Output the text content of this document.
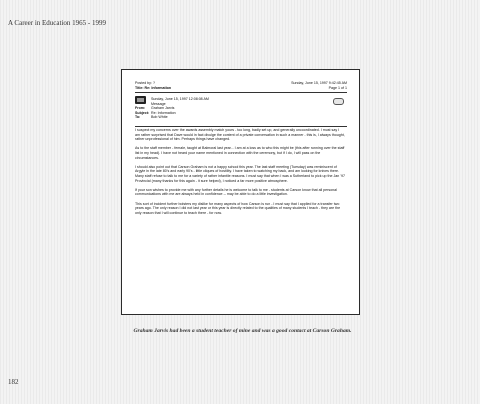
A Career in Education 1965 - 1999
Posted by: ?
Title: Re: Information
Sunday, June 15, 1997 9:42:45 AM
Page 1 of 1
Sunday, June 15, 1997 12:08:08 AM
Message
From:	Graham Jarvis
Subject: Re: Information
To:	Bob White

I suspect my concerns over the awards assembly match yours - too long, badly set up, and generally uncoordinated. I must say I am rather surprised that Dave would in fact divulge the content of a private conversation in such a manner - this is, I always thought, rather unprofessional of him. Perhaps things have changed.

As to the staff member - female, taught at Balmoral last year... I am at a loss as to who this might be (this after running over the staff list in my head). I have not heard your name mentioned in connection with the ceremony, but if I do, I will pass on the circumstances.

I should also point out that Carson Graham is not a happy school this year. The last staff meeting (Tuesday) was reminiscent of Argyle in the late 80's and early 90's - little cliques of hostility. I have taken to watching my back, and am looking for knives there. Many staff refuse to talk to me for a variety of rather infantile reasons. I must say that when I was a Sutherland to pick up the Jan '97 Provincial (many thanks for this again - it sure helped), I noticed a far more positive atmosphere.

If your son wishes to provide me with any further details he is welcome to talk to me - students at Carson know that all personal communications with me are always held in confidence -- may be able to do a little investigation.

This sort of incident further bolsters my dislike for many aspects of how Carson is run - I must say that I applied for a transfer two years ago. The only reason I did not last year or this year is directly related to the qualities of many students I teach - they are the only reason that I will continue to teach there - for now.

Graham Jarvis had been a student teacher of mine and was a good contact at Carson Graham.
182
